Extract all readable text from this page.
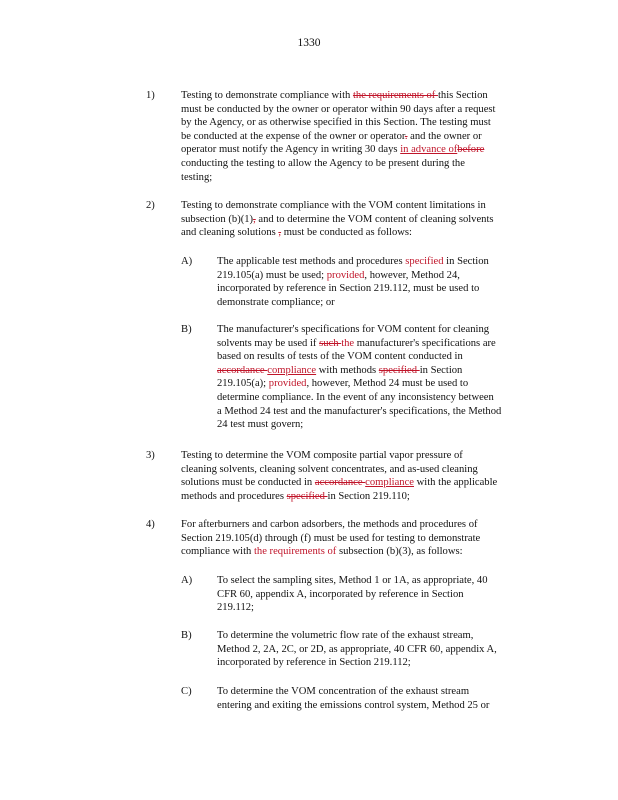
1330
1) Testing to demonstrate compliance with the requirements of this Section
must be conducted by the owner or operator within 90 days after a request
by the Agency, or as otherwise specified in this Section. The testing must
be conducted at the expense of the owner or operator. and the owner or
operator must notify the Agency in writing 30 days in advance ofbefore
conducting the testing to allow the Agency to be present during the
testing;
2) Testing to demonstrate compliance with the VOM content limitations in
subsection (b)(1), and to determine the VOM content of cleaning solvents
and cleaning solutions , must be conducted as follows:
A) The applicable test methods and procedures specified in Section
219.105(a) must be used; provided, however, Method 24,
incorporated by reference in Section 219.112, must be used to
demonstrate compliance; or
B) The manufacturer's specifications for VOM content for cleaning
solvents may be used if such the manufacturer's specifications are
based on results of tests of the VOM content conducted in
accordance compliance with methods specified in Section
219.105(a); provided, however, Method 24 must be used to
determine compliance. In the event of any inconsistency between
a Method 24 test and the manufacturer's specifications, the Method
24 test must govern;
3) Testing to determine the VOM composite partial vapor pressure of
cleaning solvents, cleaning solvent concentrates, and as-used cleaning
solutions must be conducted in accordance compliance with the applicable
methods and procedures specified in Section 219.110;
4) For afterburners and carbon adsorbers, the methods and procedures of
Section 219.105(d) through (f) must be used for testing to demonstrate
compliance with the requirements of subsection (b)(3), as follows:
A) To select the sampling sites, Method 1 or 1A, as appropriate, 40
CFR 60, appendix A, incorporated by reference in Section
219.112;
B) To determine the volumetric flow rate of the exhaust stream,
Method 2, 2A, 2C, or 2D, as appropriate, 40 CFR 60, appendix A,
incorporated by reference in Section 219.112;
C) To determine the VOM concentration of the exhaust stream
entering and exiting the emissions control system, Method 25 or
